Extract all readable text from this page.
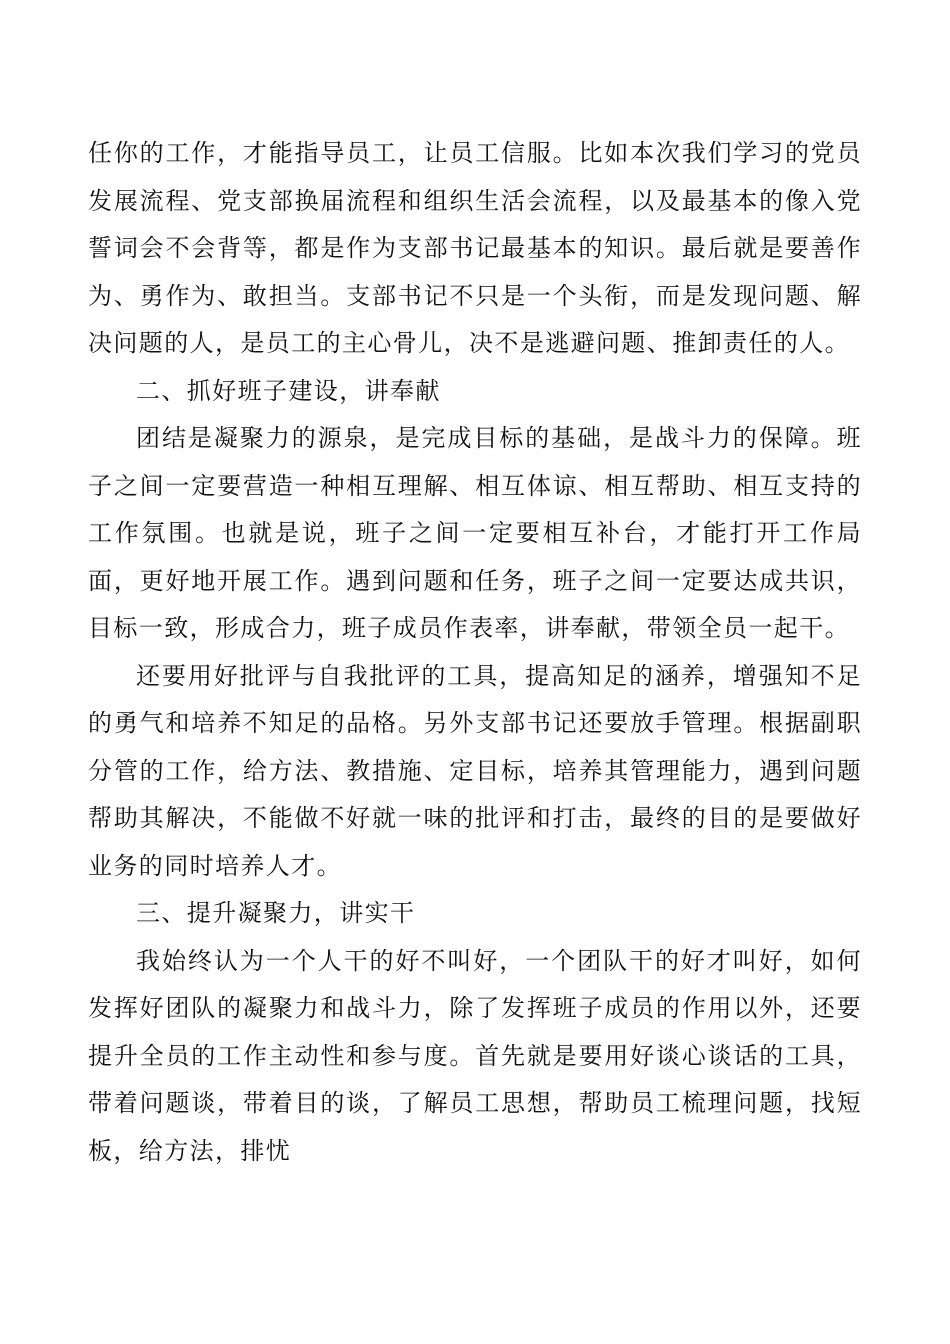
任你的工作，才能指导员工，让员工信服。比如本次我们学习的党员发展流程、党支部换届流程和组织生活会流程，以及最基本的像入党誓词会不会背等，都是作为支部书记最基本的知识。最后就是要善作为、勇作为、敢担当。支部书记不只是一个头衔，而是发现问题、解决问题的人，是员工的主心骨儿，决不是逃避问题、推卸责任的人。

二、抓好班子建设，讲奉献

团结是凝聚力的源泉，是完成目标的基础，是战斗力的保障。班子之间一定要营造一种相互理解、相互体谅、相互帮助、相互支持的工作氛围。也就是说，班子之间一定要相互补台，才能打开工作局面，更好地开展工作。遇到问题和任务，班子之间一定要达成共识，目标一致，形成合力，班子成员作表率，讲奉献，带领全员一起干。

还要用好批评与自我批评的工具，提高知足的涵养，增强知不足的勇气和培养不知足的品格。另外支部书记还要放手管理。根据副职分管的工作，给方法、教措施、定目标，培养其管理能力，遇到问题帮助其解决，不能做不好就一味的批评和打击，最终的目的是要做好业务的同时培养人才。

三、提升凝聚力，讲实干

我始终认为一个人干的好不叫好，一个团队干的好才叫好，如何发挥好团队的凝聚力和战斗力，除了发挥班子成员的作用以外，还要提升全员的工作主动性和参与度。首先就是要用好谈心谈话的工具，带着问题谈，带着目的谈，了解员工思想，帮助员工梳理问题，找短板，给方法，排忧
